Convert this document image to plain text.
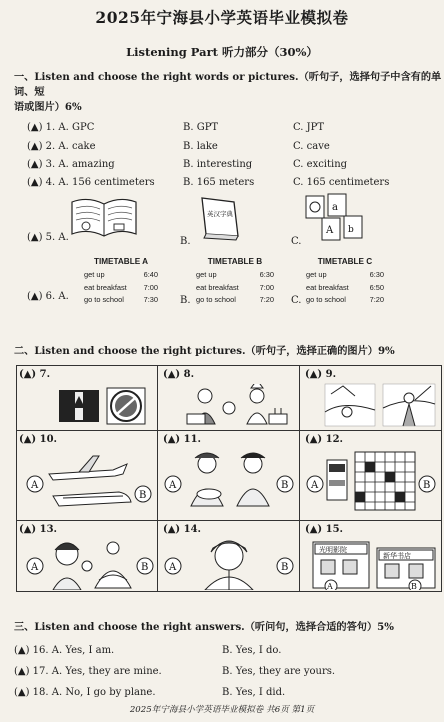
2025年宁海县小学英语毕业模拟卷
Listening Part 听力部分（30%）
一、Listen and choose the right words or pictures.（听句子，选择句子中含有的单词、短
语或图片）6%
(▲) 1. A. GPC	B. GPT	C. JPT
(▲) 2. A. cake	B. lake	C. cave
(▲) 3. A. amazing	B. interesting	C. exciting
(▲) 4. A. 156 centimeters	B. 165 meters	C. 165 centimeters
(▲) 5. A.	B.
英汉字典
C.
a
A b
(▲) 6. A.
TIMETABLE A
get up	6:40
eat breakfast 7:00
go to school	7:30 B.
TIMETABLE B
get up	6:30
eat breakfast	7:00
go to school	7:20 C.
TIMETABLE C
get up	6:30
eat breakfast	6:50
go to school	7:20
二、Listen and choose the right pictures.（听句子，选择正确的图片）9%
(▲) 7.	(▲) 8.	(▲) 9.
(▲) 10.	(▲) 11.	(▲) 12.
A
B
A	B A	B
(▲) 13.	(▲) 14.	(▲) 15.
A	B A	B
光明影院
A
新华书店
B
三、Listen and choose the right answers.（听问句，选择合适的答句）5%
(▲) 16. A. Yes, I am.	B. Yes, I do.
(▲) 17. A. Yes, they are mine.	B. Yes, they are yours.
(▲) 18. A. No, I go by plane.	B. Yes, I did.
2025年宁海县小学英语毕业模拟卷 共6页 第1页
